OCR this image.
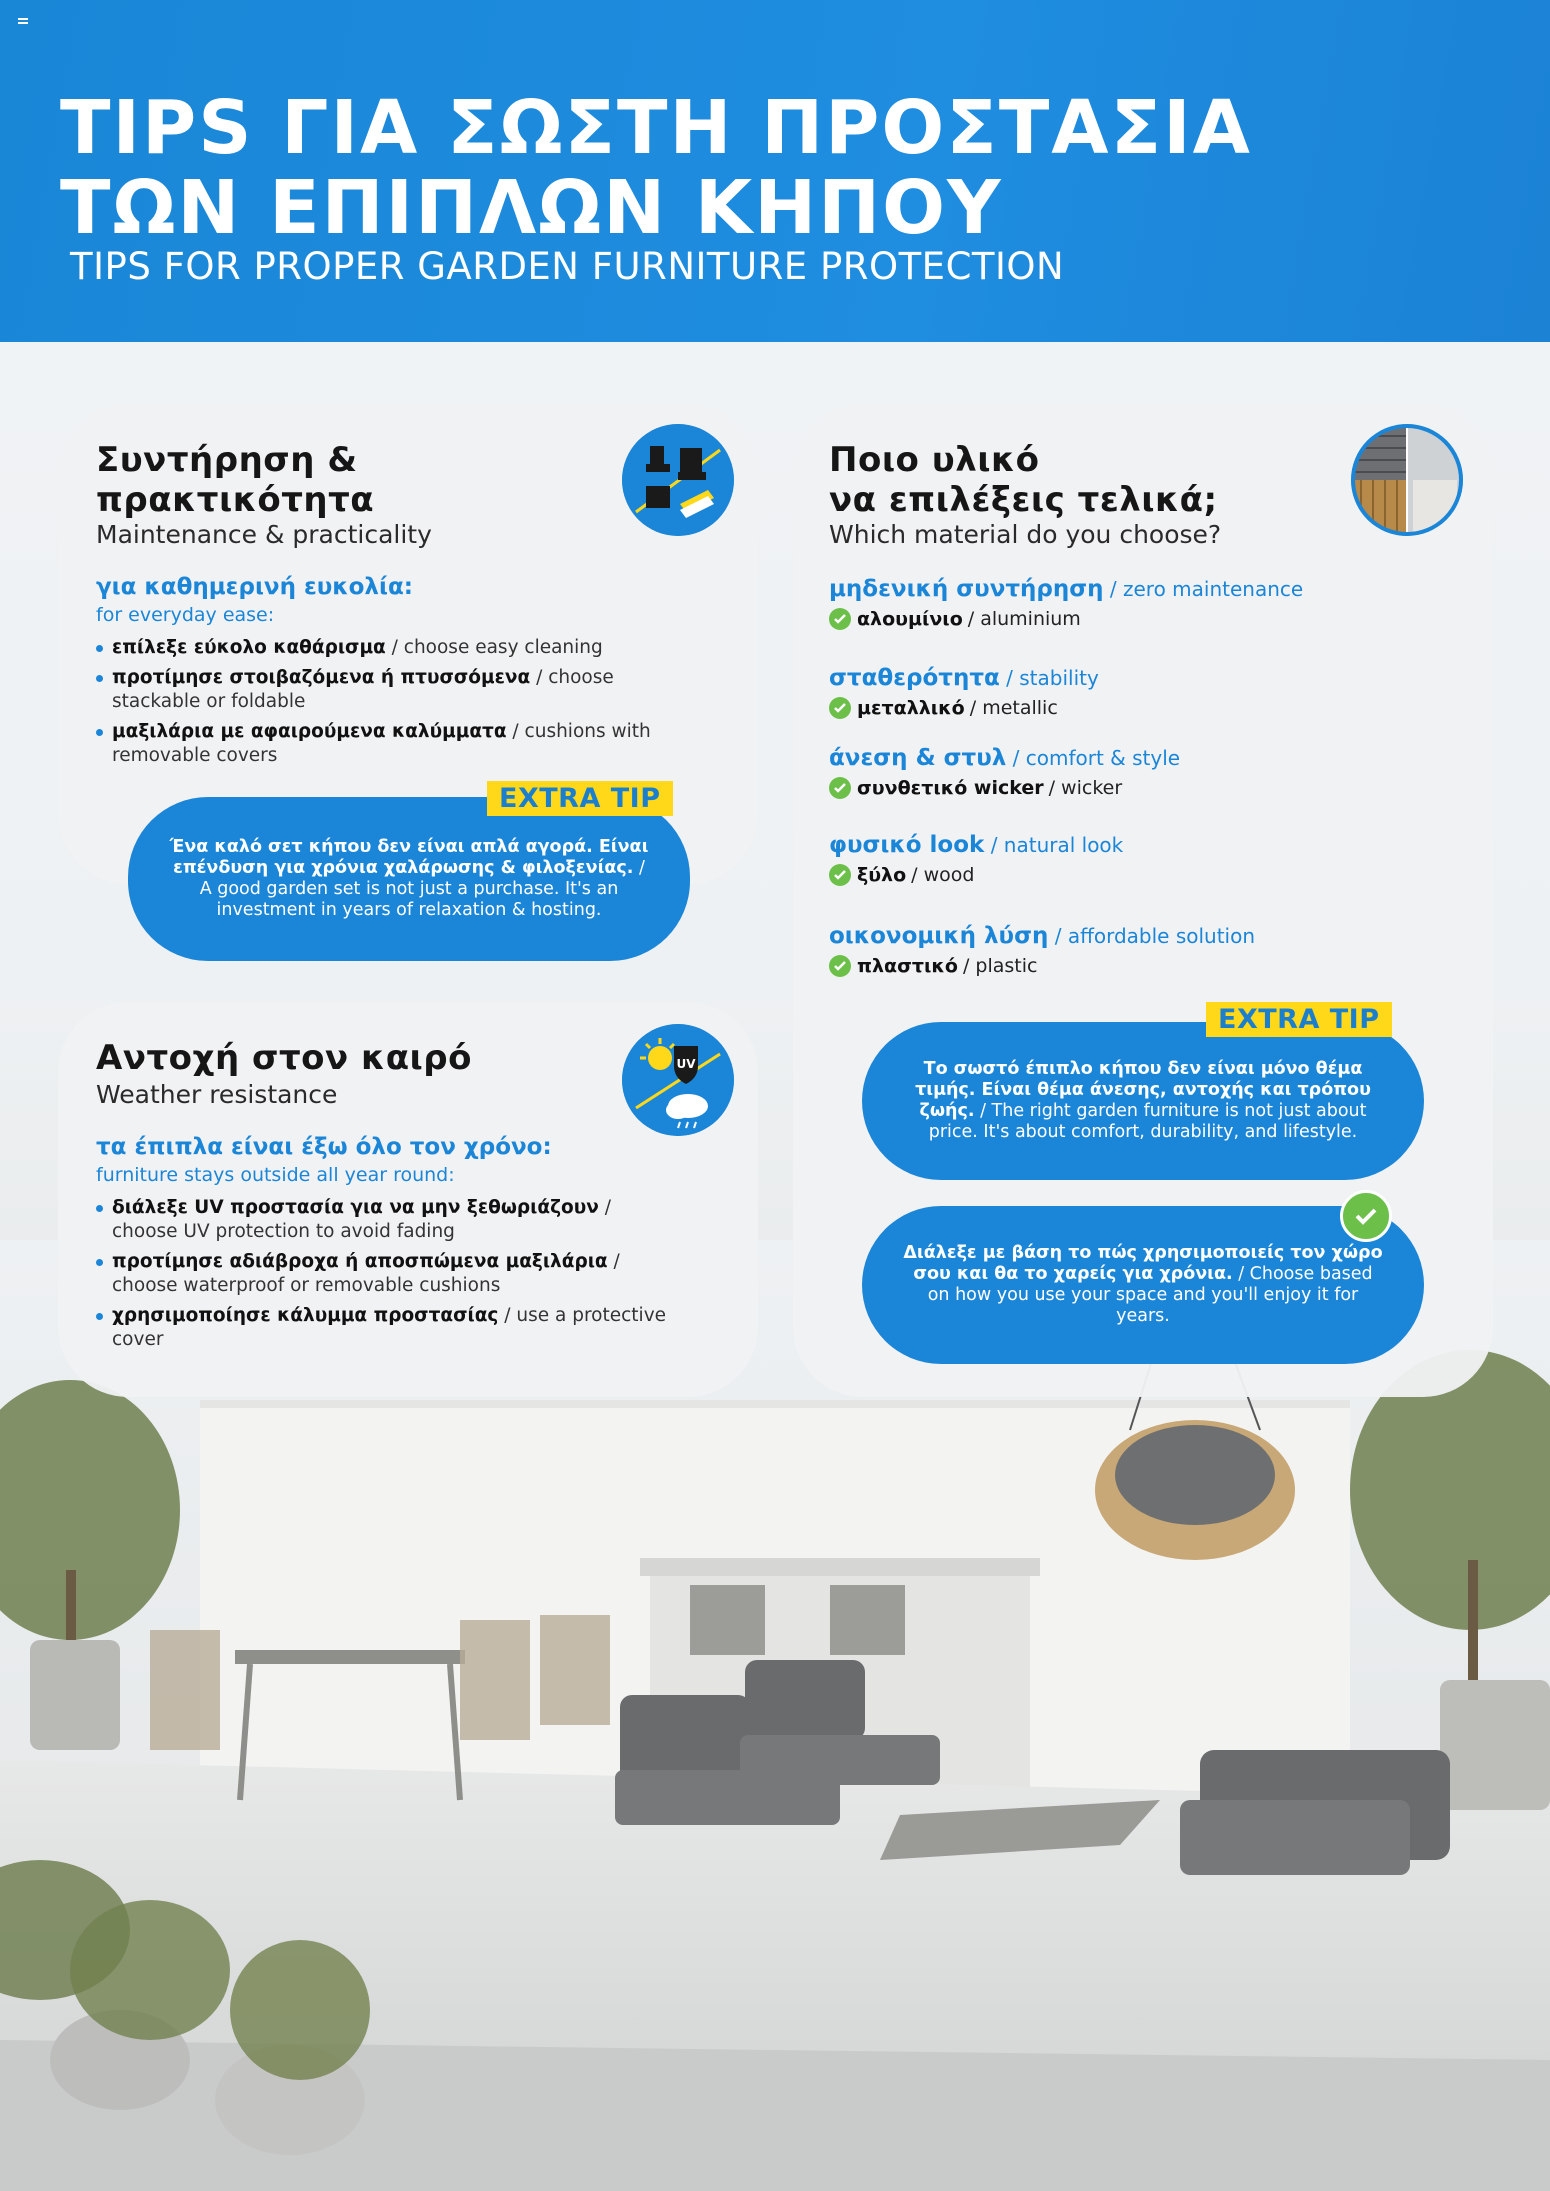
TIPS ΓΙΑ ΣΩΣΤΗ ΠΡΟΣΤΑΣΙΑ
ΤΩΝ ΕΠΙΠΛΩΝ ΚΗΠΟΥ
TIPS FOR PROPER GARDEN FURNITURE PROTECTION
Συντήρηση &
πρακτικότητα
Maintenance & practicality
για καθημερινή ευκολία:
for everyday ease:
επίλεξε εύκολο καθάρισμα / choose easy cleaning
προτίμησε στοιβαζόμενα ή πτυσσόμενα / choose stackable or foldable
μαξιλάρια με αφαιρούμενα καλύμματα / cushions with removable covers
Ένα καλό σετ κήπου δεν είναι απλά αγορά. Είναι επένδυση για χρόνια χαλάρωσης & φιλοξενίας. / A good garden set is not just a purchase. It's an investment in years of relaxation & hosting.
EXTRA TIP
UV
Αντοχή στον καιρό
Weather resistance
τα έπιπλα είναι έξω όλο τον χρόνο:
furniture stays outside all year round:
διάλεξε UV προστασία για να μην ξεθωριάζουν / choose UV protection to avoid fading
προτίμησε αδιάβροχα ή αποσπώμενα μαξιλάρια / choose waterproof or removable cushions
χρησιμοποίησε κάλυμμα προστασίας / use a protective cover
Ποιο υλικό
να επιλέξεις τελικά;
Which material do you choose?
μηδενική συντήρηση / zero maintenance
αλουμίνιο / aluminium
σταθερότητα / stability
μεταλλικό / metallic
άνεση & στυλ / comfort & style
συνθετικό wicker / wicker
φυσικό look / natural look
ξύλο / wood
οικονομική λύση / affordable solution
πλαστικό / plastic
Το σωστό έπιπλο κήπου δεν είναι μόνο θέμα τιμής. Είναι θέμα άνεσης, αντοχής και τρόπου ζωής. / The right garden furniture is not just about price. It's about comfort, durability, and lifestyle.
EXTRA TIP
Διάλεξε με βάση το πώς χρησιμοποιείς τον χώρο σου και θα το χαρείς για χρόνια. / Choose based on how you use your space and you'll enjoy it for years.
